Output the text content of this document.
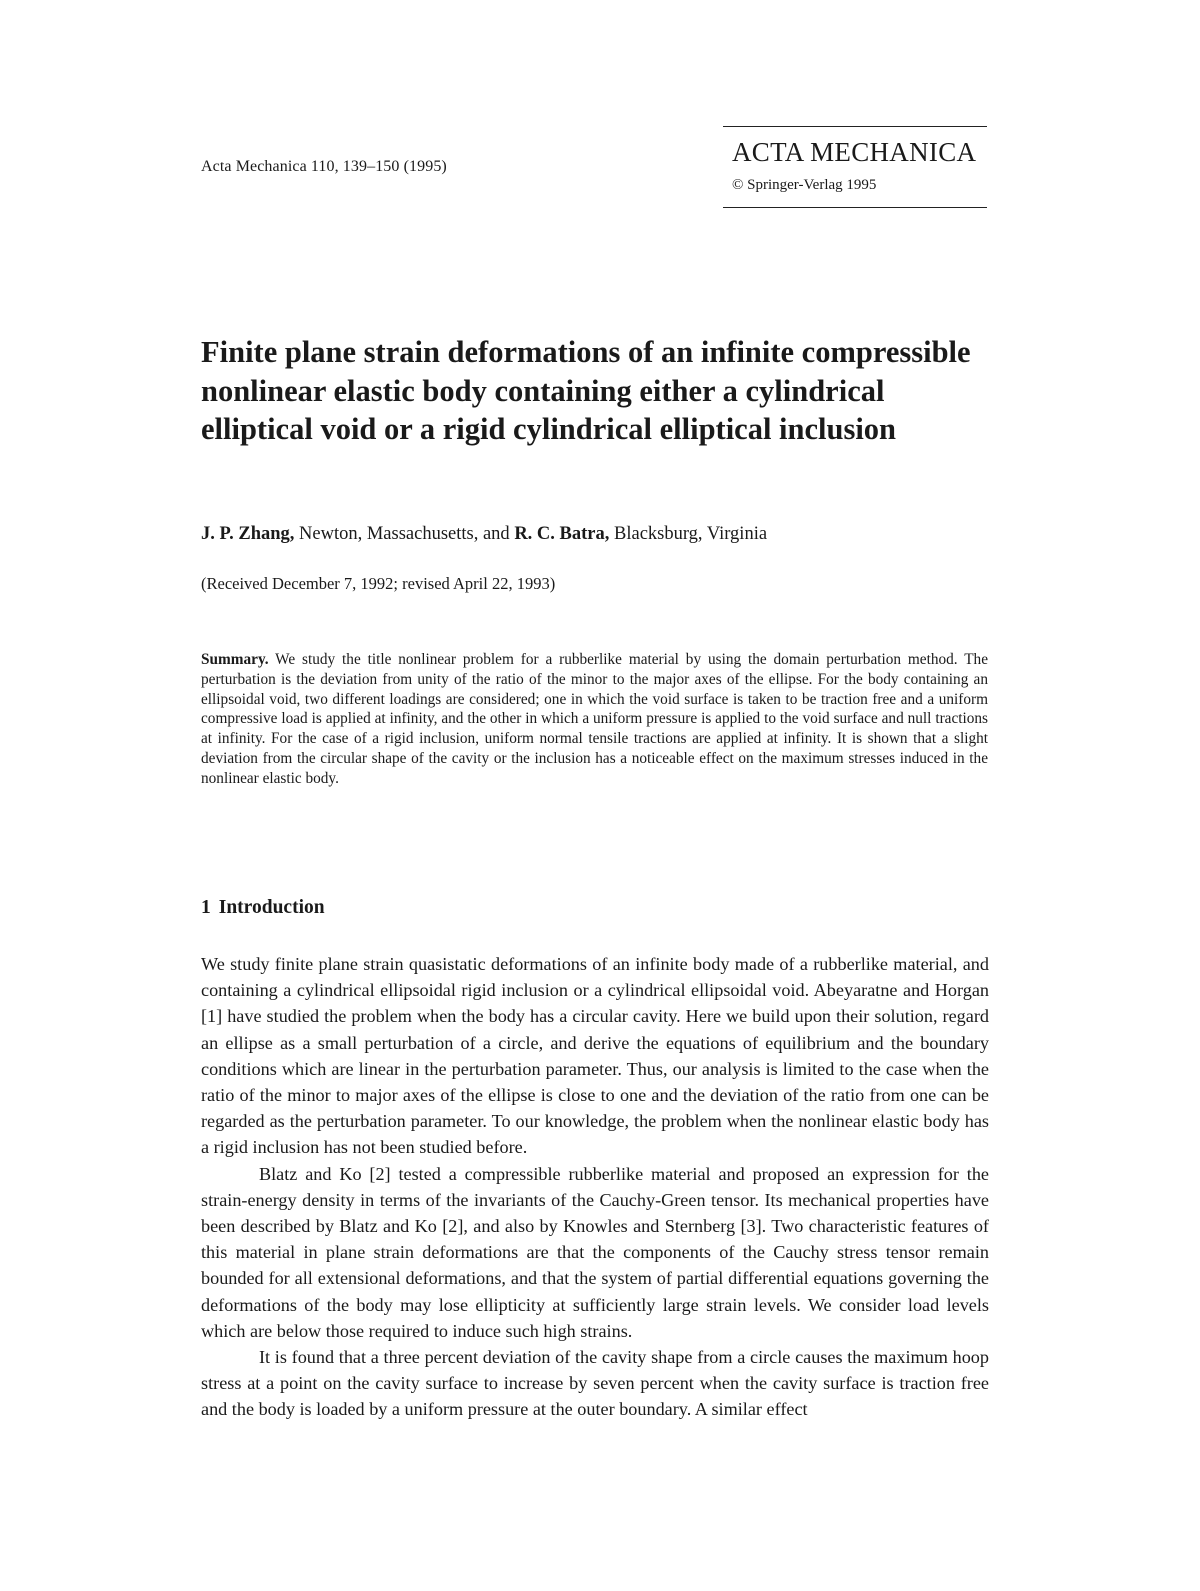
Acta Mechanica 110, 139–150 (1995)	ACTA MECHANICA
© Springer-Verlag 1995
Finite plane strain deformations of an infinite compressible nonlinear elastic body containing either a cylindrical elliptical void or a rigid cylindrical elliptical inclusion
J. P. Zhang, Newton, Massachusetts, and R. C. Batra, Blacksburg, Virginia
(Received December 7, 1992; revised April 22, 1993)

Summary. We study the title nonlinear problem for a rubberlike material by using the domain perturbation method. The perturbation is the deviation from unity of the ratio of the minor to the major axes of the ellipse. For the body containing an ellipsoidal void, two different loadings are considered; one in which the void surface is taken to be traction free and a uniform compressive load is applied at infinity, and the other in which a uniform pressure is applied to the void surface and null tractions at infinity. For the case of a rigid inclusion, uniform normal tensile tractions are applied at infinity. It is shown that a slight deviation from the circular shape of the cavity or the inclusion has a noticeable effect on the maximum stresses induced in the nonlinear elastic body.

1 Introduction

We study finite plane strain quasistatic deformations of an infinite body made of a rubberlike material, and containing a cylindrical ellipsoidal rigid inclusion or a cylindrical ellipsoidal void. Abeyaratne and Horgan [1] have studied the problem when the body has a circular cavity. Here we build upon their solution, regard an ellipse as a small perturbation of a circle, and derive the equations of equilibrium and the boundary conditions which are linear in the perturbation parameter. Thus, our analysis is limited to the case when the ratio of the minor to major axes of the ellipse is close to one and the deviation of the ratio from one can be regarded as the perturbation parameter. To our knowledge, the problem when the nonlinear elastic body has a rigid inclusion has not been studied before.

Blatz and Ko [2] tested a compressible rubberlike material and proposed an expression for the strain-energy density in terms of the invariants of the Cauchy-Green tensor. Its mechanical properties have been described by Blatz and Ko [2], and also by Knowles and Sternberg [3]. Two characteristic features of this material in plane strain deformations are that the components of the Cauchy stress tensor remain bounded for all extensional deformations, and that the system of partial differential equations governing the deformations of the body may lose ellipticity at sufficiently large strain levels. We consider load levels which are below those required to induce such high strains.

It is found that a three percent deviation of the cavity shape from a circle causes the maximum hoop stress at a point on the cavity surface to increase by seven percent when the cavity surface is traction free and the body is loaded by a uniform pressure at the outer boundary. A similar effect
